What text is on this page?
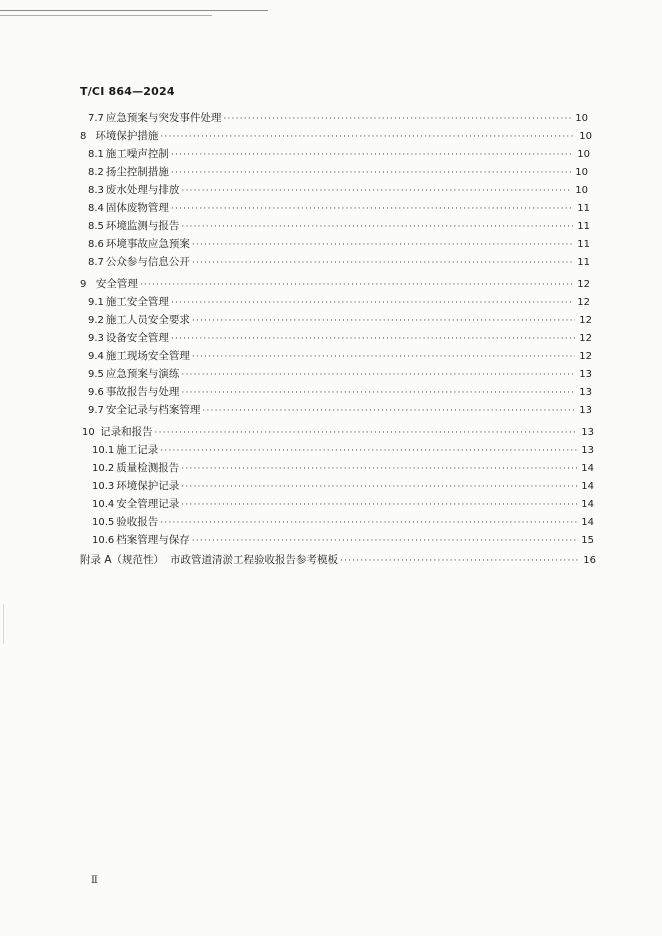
T/CI 864—2024
7.7 应急预案与突发事件处理 ·····	10
8 环境保护措施 ·····	10
8.1 施工噪声控制 ·····	10
8.2 扬尘控制措施 ·····	10
8.3 废水处理与排放 ·····	10
8.4 固体废物管理 ·····	11
8.5 环境监测与报告 ·····	11
8.6 环境事故应急预案 ·····	11
8.7 公众参与信息公开 ·····	11
9 安全管理 ·····	12
9.1 施工安全管理 ·····	12
9.2 施工人员安全要求 ·····	12
9.3 设备安全管理 ·····	12
9.4 施工现场安全管理 ·····	12
9.5 应急预案与演练 ·····	13
9.6 事故报告与处理 ·····	13
9.7 安全记录与档案管理 ·····	13
10 记录和报告 ·····	13
10.1 施工记录 ·····	13
10.2 质量检测报告 ·····	14
10.3 环境保护记录 ·····	14
10.4 安全管理记录 ·····	14
10.5 验收报告 ·····	14
10.6 档案管理与保存 ·····	15
附录 A（规范性） 市政管道清淤工程验收报告参考模板 ·····	16
Ⅱ
